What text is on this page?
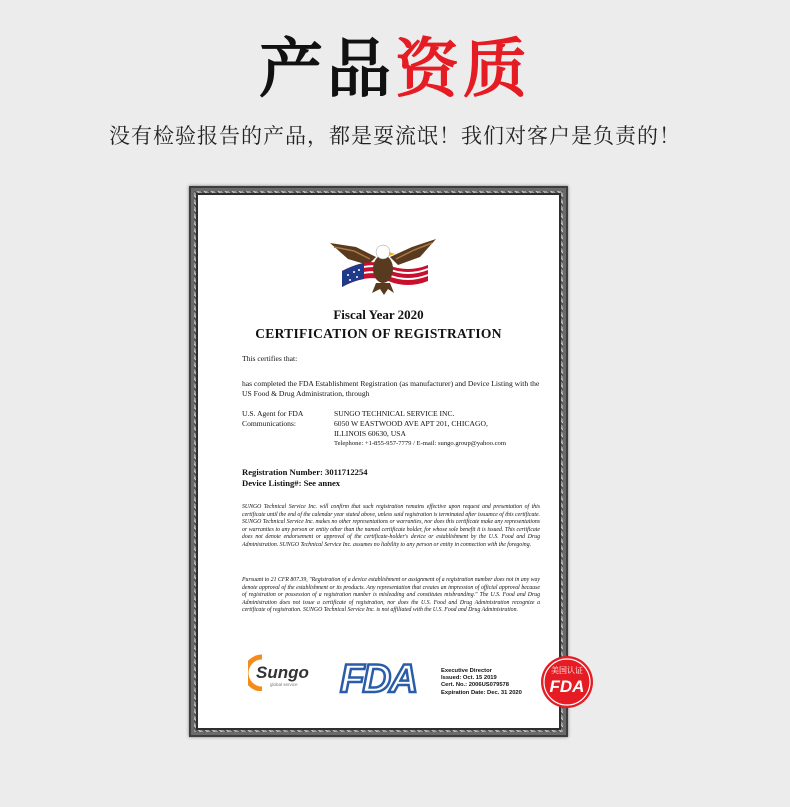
产品资质
没有检验报告的产品，都是耍流氓！我们对客户是负责的！
Fiscal Year 2020
CERTIFICATION OF REGISTRATION
This certifies that:
has completed the FDA Establishment Registration (as manufacturer) and Device Listing with the US Food & Drug Administration, through
U.S. Agent for FDA
Communications:
SUNGO TECHNICAL SERVICE INC.
6050 W EASTWOOD AVE APT 201, CHICAGO,
ILLINOIS 60630, USA
Telephone: +1-855-957-7779 / E-mail: sungo.group@yahoo.com
Registration Number: 3011712254
Device Listing#: See annex
SUNGO Technical Service Inc. will confirm that such registration remains effective upon request and presentation of this certificate until the end of the calendar year stated above, unless said registration is terminated after issuance of this certificate. SUNGO Technical Service Inc. makes no other representations or warranties, nor does this certificate make any representations or warranties to any person or entity other than the named certificate holder, for whose sole benefit it is issued. This certificate does not denote endorsement or approval of the certificate-holder's device or establishment by the U.S. Food and Drug Administration. SUNGO Technical Service Inc. assumes no liability to any person or entity in connection with the foregoing.
Pursuant to 21 CFR 807.39, "Registration of a device establishment or assignment of a registration number does not in any way denote approval of the establishment or its products. Any representation that creates an impression of official approval because of registration or possession of a registration number is misleading and constitutes misbranding." The U.S. Food and Drug Administration does not issue a certificate of registration, nor does the U.S. Food and Drug Administration recognize a certificate of registration. SUNGO Technical Service Inc. is not affiliated with the U.S. Food and Drug Administration.
Sungo
global service FDA	Executive Director
Issued: Oct. 15 2019
Cert. No.: 2006US079578
Expiration Date: Dec. 31 2020
美国认证
FDA
